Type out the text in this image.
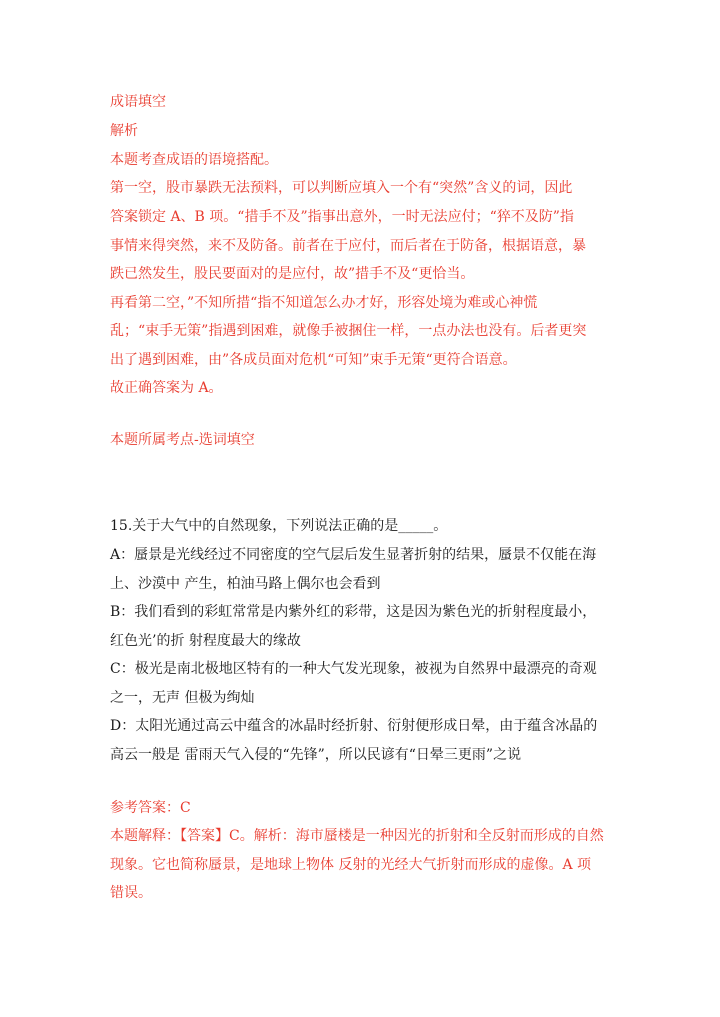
成语填空
解析
本题考查成语的语境搭配。
第一空，股市暴跌无法预料，可以判断应填入一个有“突然”含义的词，因此
答案锁定 A、B 项。“措手不及”指事出意外，一时无法应付；“猝不及防”指
事情来得突然，来不及防备。前者在于应付，而后者在于防备，根据语意，暴
跌已然发生，股民要面对的是应付，故”措手不及“更恰当。
再看第二空，”不知所措“指不知道怎么办才好，形容处境为难或心神慌
乱；“束手无策”指遇到困难，就像手被捆住一样，一点办法也没有。后者更突
出了遇到困难，由”各成员面对危机“可知”束手无策“更符合语意。
故正确答案为 A。
本题所属考点-选词填空
15.关于大气中的自然现象，下列说法正确的是_____。
A：蜃景是光线经过不同密度的空气层后发生显著折射的结果，蜃景不仅能在海
上、沙漠中 产生，柏油马路上偶尔也会看到
B：我们看到的彩虹常常是内紫外红的彩带，这是因为紫色光的折射程度最小，
红色光’的折 射程度最大的缘故
C：极光是南北极地区特有的一种大气发光现象，被视为自然界中最漂亮的奇观
之一，无声 但极为绚灿
D：太阳光通过高云中蕴含的冰晶时经折射、衍射便形成日晕，由于蕴含冰晶的
高云一般是 雷雨天气入侵的“先锋”，所以民谚有“日晕三更雨”之说
参考答案：C
本题解释：【答案】C。解析：海市蜃楼是一种因光的折射和全反射而形成的自然
现象。它也简称蜃景，是地球上物体 反射的光经大气折射而形成的虚像。A 项
错误。
